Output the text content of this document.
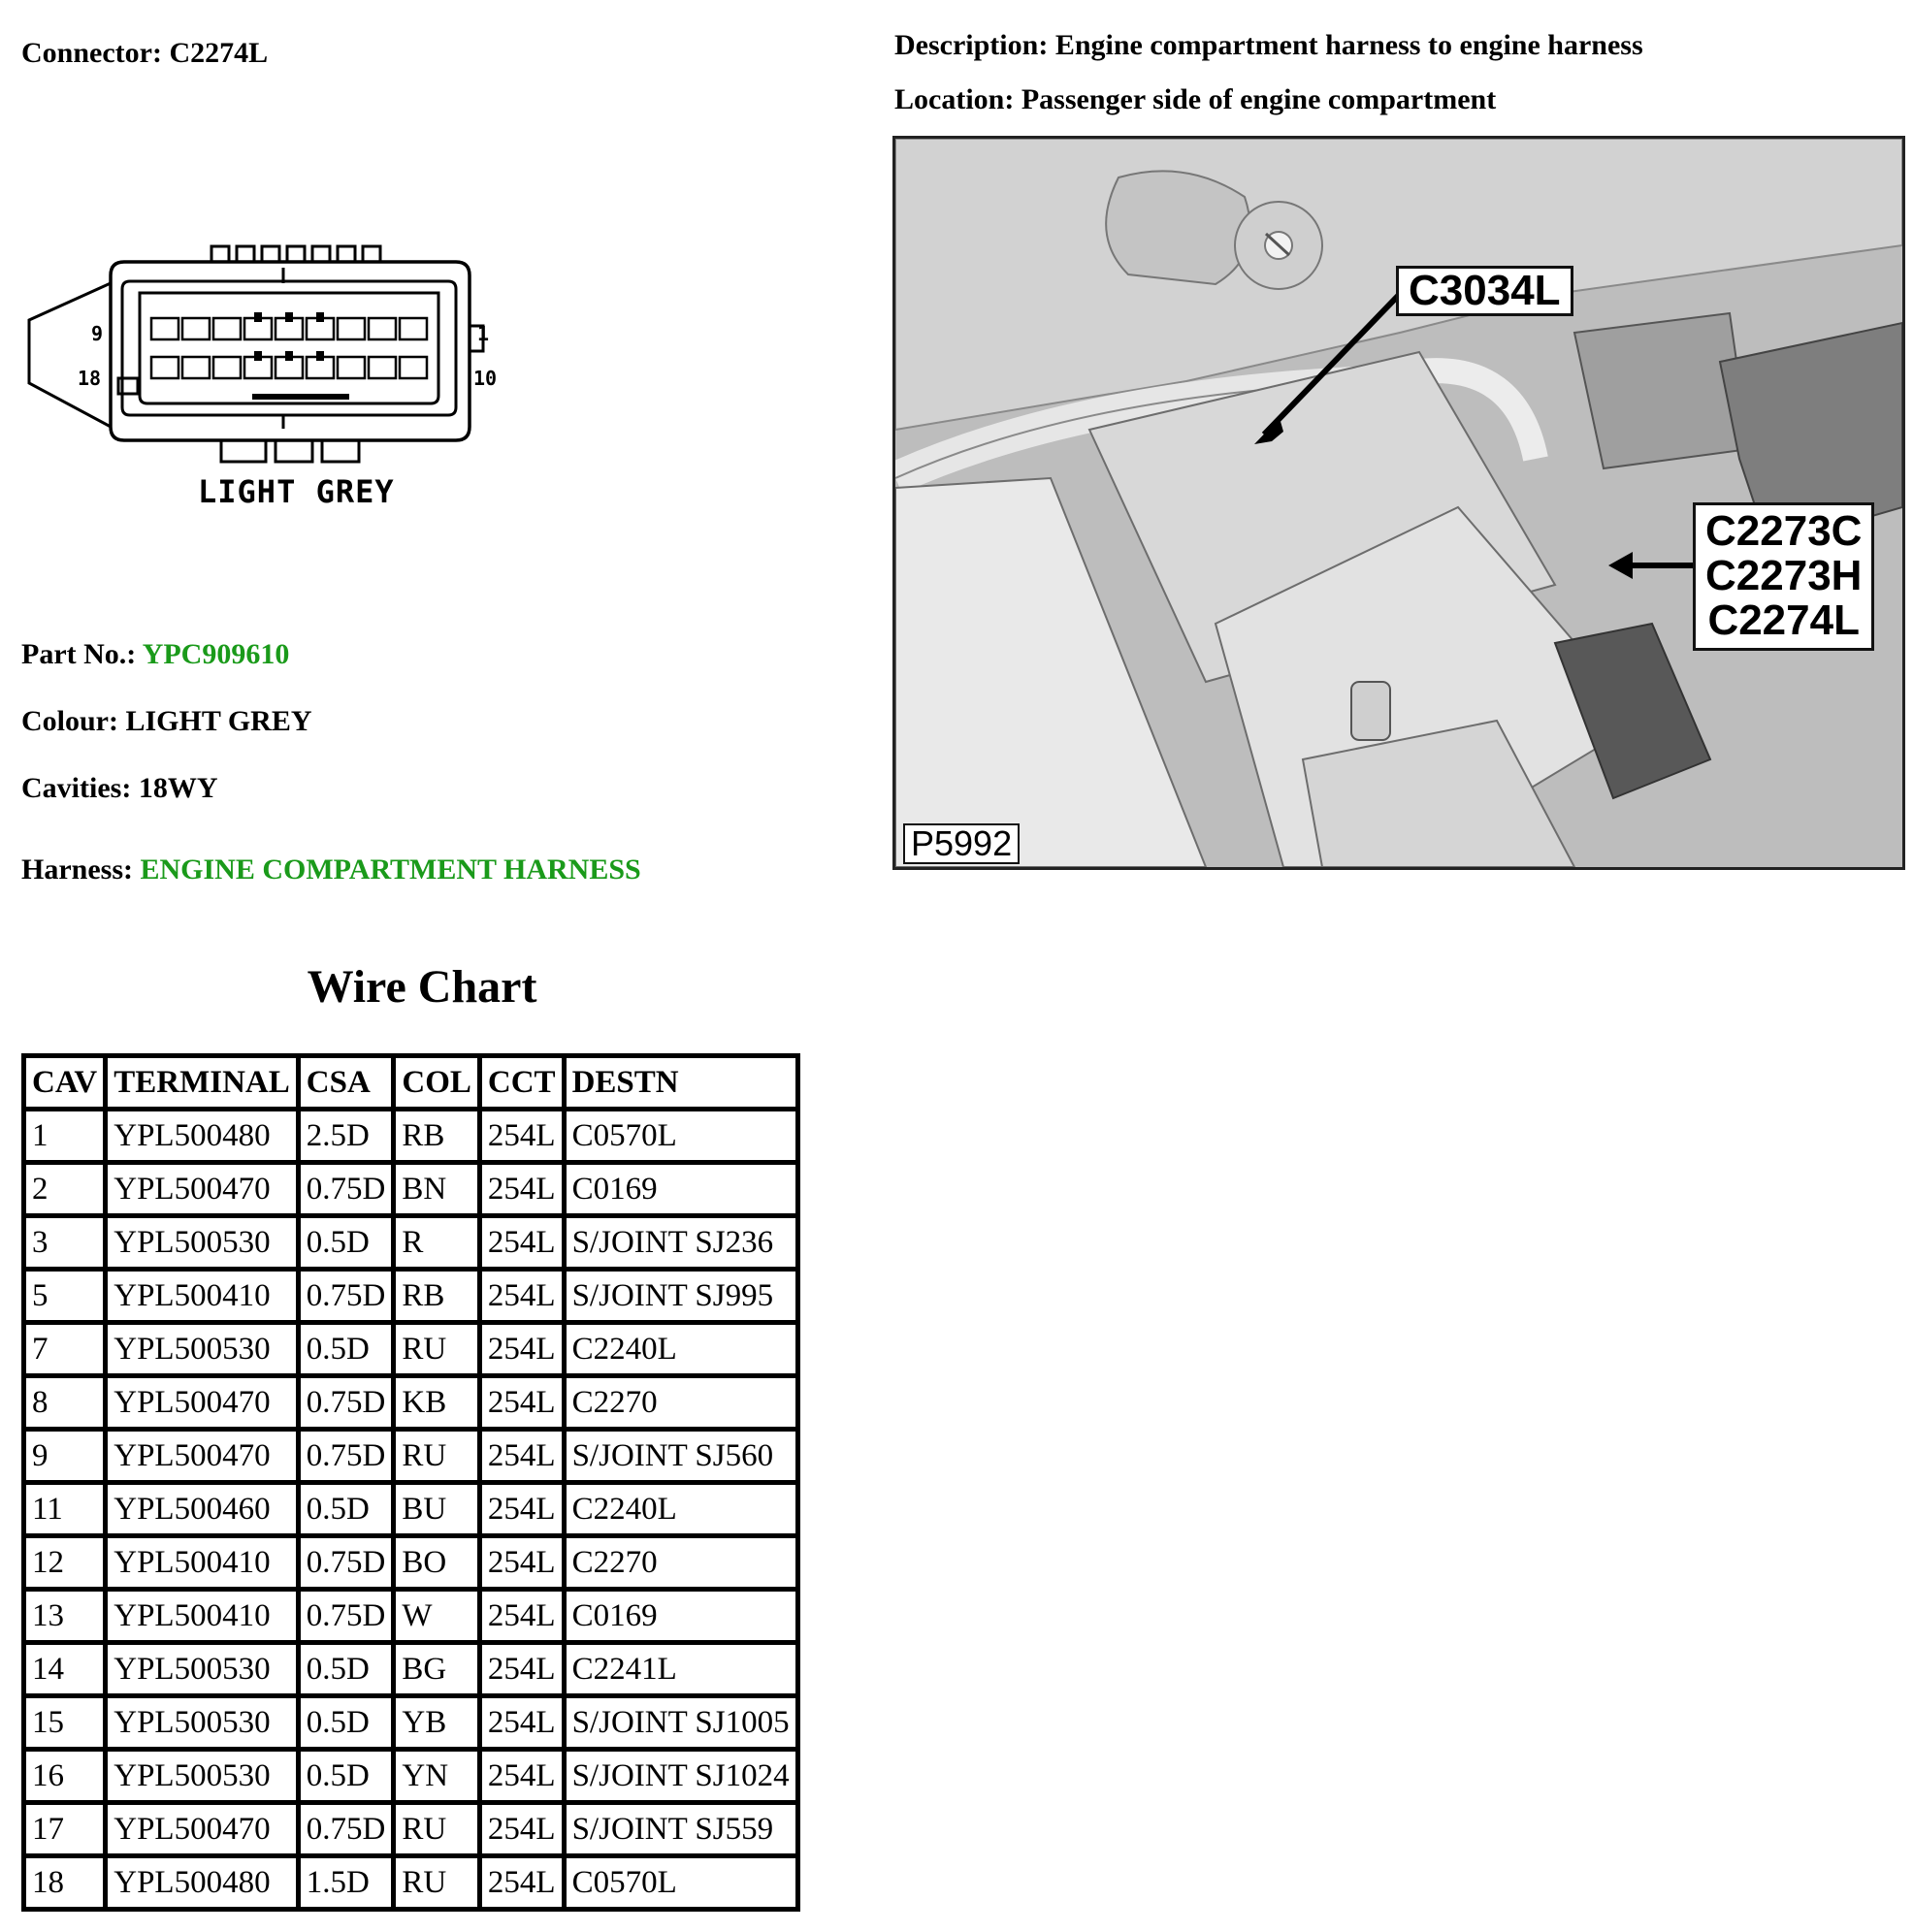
Connector: C2274L	Description: Engine compartment harness to engine harness
Location: Passenger side of engine compartment
9
18
1
10
LIGHT GREY
Part No.: YPC909610
Colour: LIGHT GREY
Cavities: 18WY
Harness: ENGINE COMPARTMENT HARNESS
C3034L
C2273C
C2273H
C2274L
P5992
Wire Chart
CAV	TERMINAL	CSA	COL	CCT	DESTN
1	YPL500480	2.5D	RB	254L	C0570L
2	YPL500470	0.75D	BN	254L	C0169
3	YPL500530	0.5D	R	254L	S/JOINT SJ236
5	YPL500410	0.75D	RB	254L	S/JOINT SJ995
7	YPL500530	0.5D	RU	254L	C2240L
8	YPL500470	0.75D	KB	254L	C2270
9	YPL500470	0.75D	RU	254L	S/JOINT SJ560
11	YPL500460	0.5D	BU	254L	C2240L
12	YPL500410	0.75D	BO	254L	C2270
13	YPL500410	0.75D	W	254L	C0169
14	YPL500530	0.5D	BG	254L	C2241L
15	YPL500530	0.5D	YB	254L	S/JOINT SJ1005
16	YPL500530	0.5D	YN	254L	S/JOINT SJ1024
17	YPL500470	0.75D	RU	254L	S/JOINT SJ559
18	YPL500480	1.5D	RU	254L	C0570L
